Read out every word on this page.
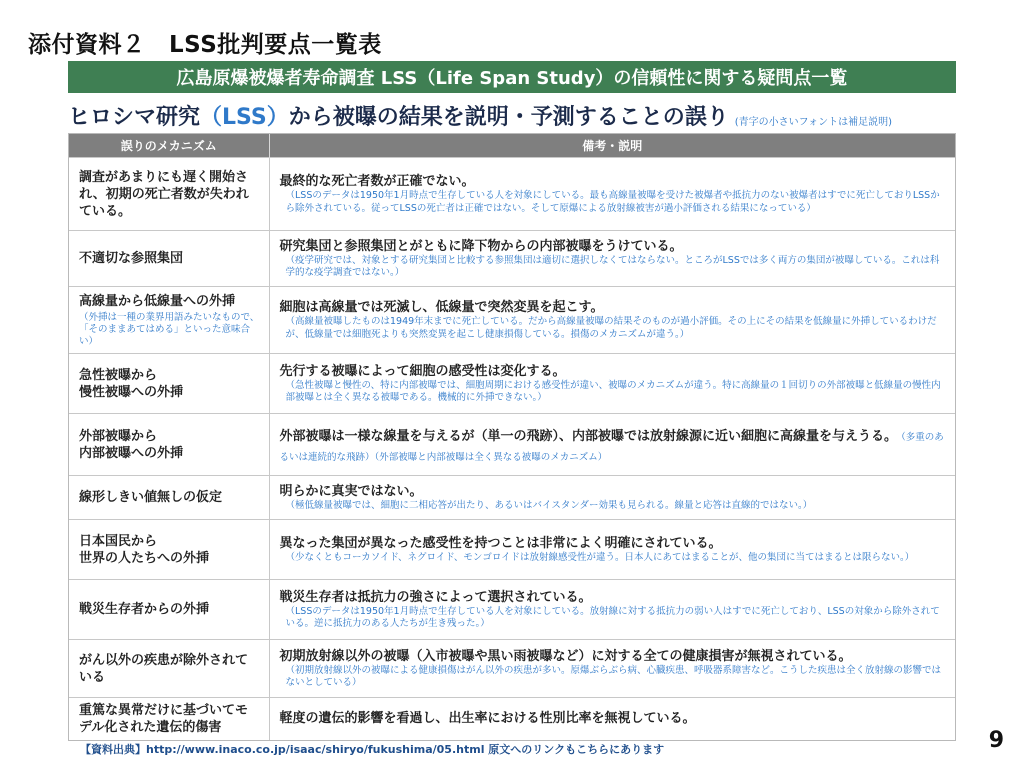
添付資料２　LSS批判要点一覧表
広島原爆被爆者寿命調査 LSS（Life Span Study）の信頼性に関する疑問点一覧
ヒロシマ研究 （LSS） から被曝の結果を説明・予測することの誤り (青字の小さいフォントは補足説明)
誤りのメカニズム	備考・説明

調査があまりにも遅く開始され、初期の死亡者数が失われている。	最終的な死亡者数が正確でない。
（LSSのデータは1950年1月時点で生存している人を対象にしている。最も高線量被曝を受けた被爆者や抵抗力のない被爆者はすでに死亡しておりLSSから除外されている。従ってLSSの死亡者は正確ではない。そして原爆による放射線被害が過小評価される結果になっている）

不適切な参照集団	研究集団と参照集団とがともに降下物からの内部被曝をうけている。
（疫学研究では、対象とする研究集団と比較する参照集団は適切に選択しなくてはならない。ところがLSSでは多く両方の集団が被曝している。これは科学的な疫学調査ではない。）

高線量から低線量への外挿
（外挿は一種の業界用語みたいなもので、「そのままあてはめる」といった意味合い）	細胞は高線量では死滅し、低線量で突然変異を起こす。
（高線量被曝したものは1949年末までに死亡している。だから高線量被曝の結果そのものが過小評価。その上にその結果を低線量に外挿しているわけだが、低線量では細胞死よりも突然変異を起こし健康損傷している。損傷のメカニズムが違う。）

急性被曝から
慢性被曝への外挿	先行する被曝によって細胞の感受性は変化する。
（急性被曝と慢性の、特に内部被曝では、細胞周期における感受性が違い、被曝のメカニズムが違う。特に高線量の１回切りの外部被曝と低線量の慢性内部被曝とは全く異なる被曝である。機械的に外挿できない。）

外部被曝から
内部被曝への外挿	外部被曝は一様な線量を与えるが（単一の飛跡）、内部被曝では放射線源に近い細胞に高線量を与えうる。 （多重のあるいは連続的な飛跡）（外部被曝と内部被曝は全く異なる被曝のメカニズム）

線形しきい値無しの仮定	明らかに真実ではない。
（極低線量被曝では、細胞に二相応答が出たり、あるいはバイスタンダー効果も見られる。線量と応答は直線的ではない。）

日本国民から
世界の人たちへの外挿	異なった集団が異なった感受性を持つことは非常によく明確にされている。
（少なくともコーカソイド、ネグロイド、モンゴロイドは放射線感受性が違う。日本人にあてはまることが、他の集団に当てはまるとは限らない。）

戦災生存者からの外挿	戦災生存者は抵抗力の強さによって選択されている。
（LSSのデータは1950年1月時点で生存している人を対象にしている。放射線に対する抵抗力の弱い人はすでに死亡しており、LSSの対象から除外されている。逆に抵抗力のある人たちが生き残った。）

がん以外の疾患が除外されている	初期放射線以外の被曝（入市被曝や黒い雨被曝など）に対する全ての健康損害が無視されている。
（初期放射線以外の被曝による健康損傷はがん以外の疾患が多い。原爆ぶらぶら病、心臓疾患、呼吸器系障害など。こうした疾患は全く放射線の影響ではないとしている）

重篤な異常だけに基づいてモデル化された遺伝的傷害	軽度の遺伝的影響を看過し、出生率における性別比率を無視している。
【資料出典】http://www.inaco.co.jp/isaac/shiryo/fukushima/05.html 原文へのリンクもこちらにあります	9
